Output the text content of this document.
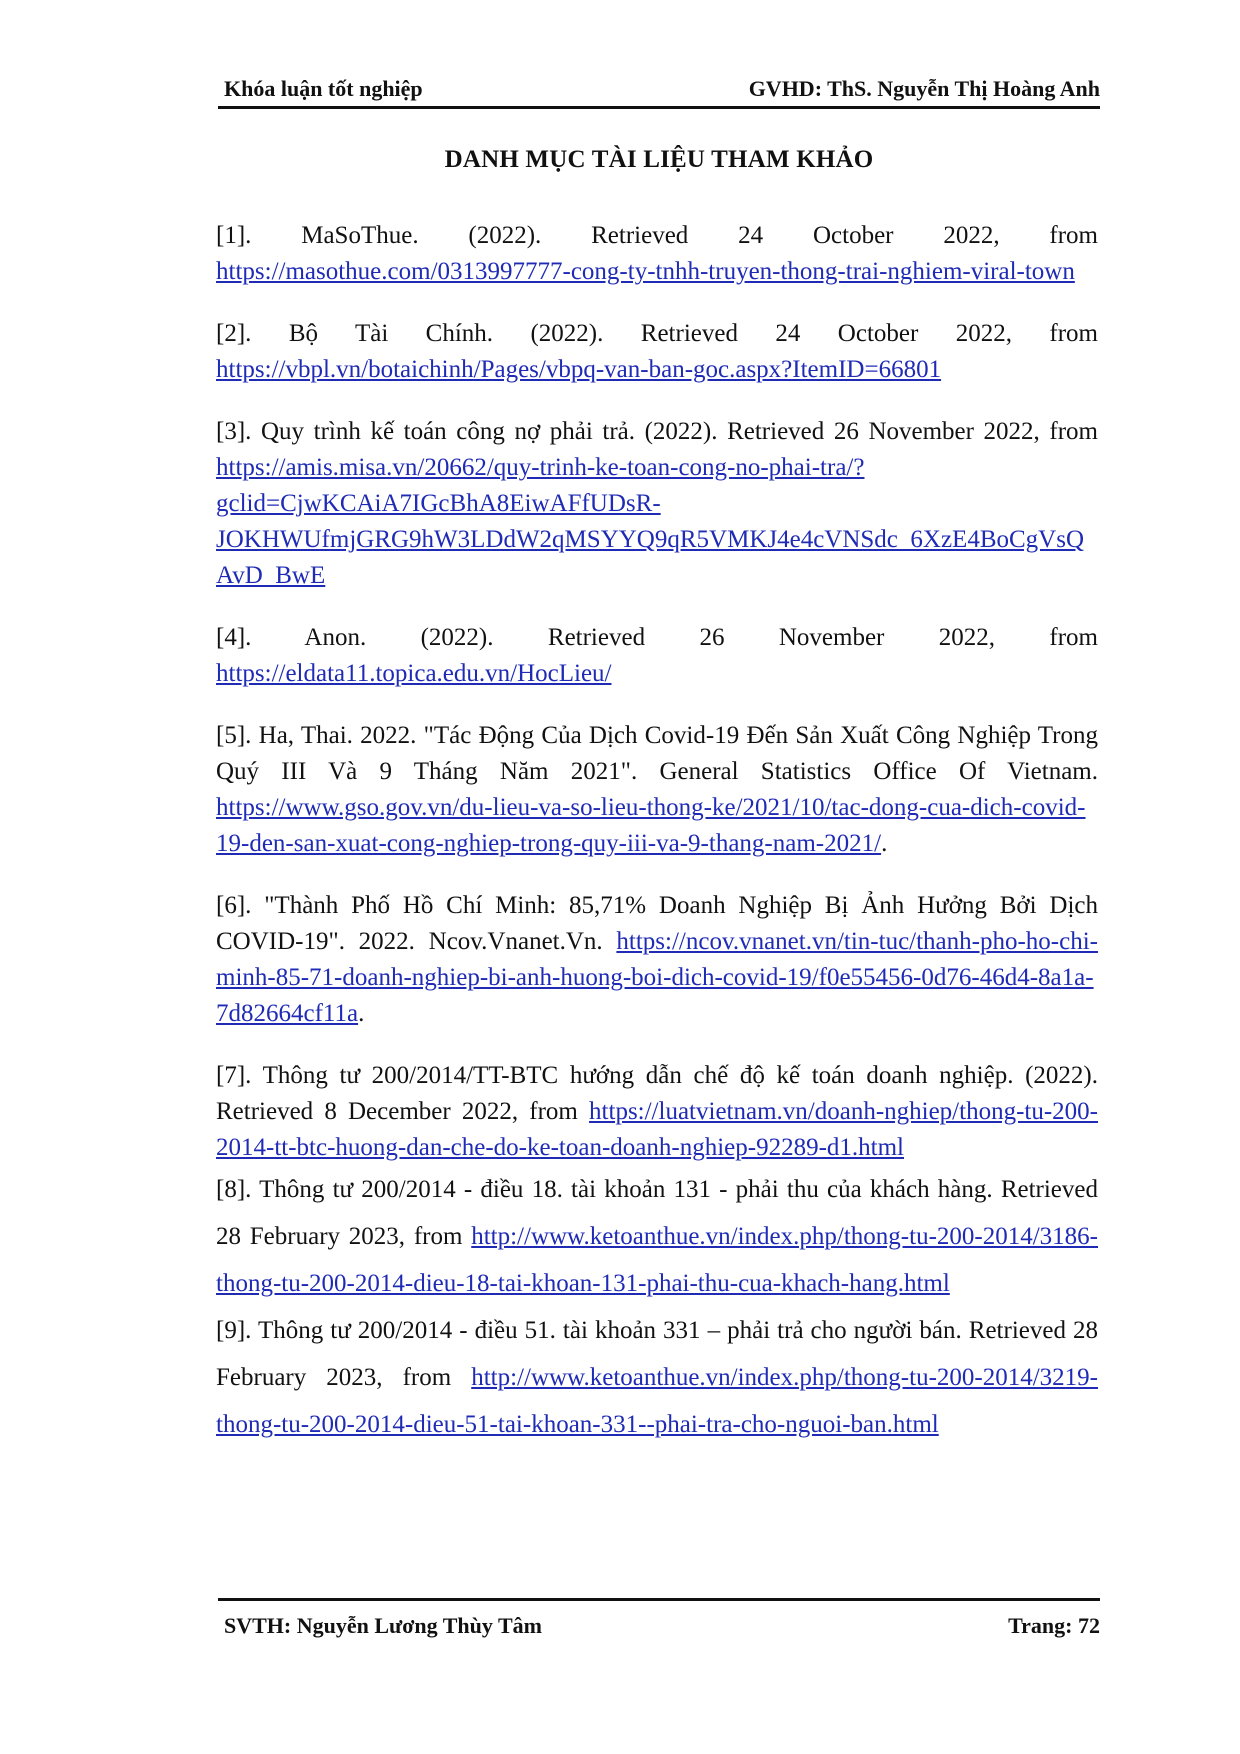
Khóa luận tốt nghiệp	GVHD: ThS. Nguyễn Thị Hoàng Anh
DANH MỤC TÀI LIỆU THAM KHẢO

[1]. MaSoThue. (2022). Retrieved 24 October 2022, from https://masothue.com/0313997777-cong-ty-tnhh-truyen-thong-trai-nghiem-viral-town

[2]. Bộ Tài Chính. (2022). Retrieved 24 October 2022, from https://vbpl.vn/botaichinh/Pages/vbpq-van-ban-goc.aspx?ItemID=66801

[3]. Quy trình kế toán công nợ phải trả. (2022). Retrieved 26 November 2022, from https://amis.misa.vn/20662/quy-trinh-ke-toan-cong-no-phai-tra/?gclid=CjwKCAiA7IGcBhA8EiwAFfUDsR-JOKHWUfmjGRG9hW3LDdW2qMSYYQ9qR5VMKJ4e4cVNSdc_6XzE4BoCgVsQAvD_BwE

[4]. Anon. (2022). Retrieved 26 November 2022, from https://eldata11.topica.edu.vn/HocLieu/

[5]. Ha, Thai. 2022. "Tác Động Của Dịch Covid-19 Đến Sản Xuất Công Nghiệp Trong Quý III Và 9 Tháng Năm 2021". General Statistics Office Of Vietnam. https://www.gso.gov.vn/du-lieu-va-so-lieu-thong-ke/2021/10/tac-dong-cua-dich-covid-19-den-san-xuat-cong-nghiep-trong-quy-iii-va-9-thang-nam-2021/.

[6]. "Thành Phố Hồ Chí Minh: 85,71% Doanh Nghiệp Bị Ảnh Hưởng Bởi Dịch COVID-19". 2022. Ncov.Vnanet.Vn. https://ncov.vnanet.vn/tin-tuc/thanh-pho-ho-chi-minh-85-71-doanh-nghiep-bi-anh-huong-boi-dich-covid-19/f0e55456-0d76-46d4-8a1a-7d82664cf11a.

[7]. Thông tư 200/2014/TT-BTC hướng dẫn chế độ kế toán doanh nghiệp. (2022). Retrieved 8 December 2022, from https://luatvietnam.vn/doanh-nghiep/thong-tu-200-2014-tt-btc-huong-dan-che-do-ke-toan-doanh-nghiep-92289-d1.html

[8]. Thông tư 200/2014 - điều 18. tài khoản 131 - phải thu của khách hàng. Retrieved 28 February 2023, from http://www.ketoanthue.vn/index.php/thong-tu-200-2014/3186-thong-tu-200-2014-dieu-18-tai-khoan-131-phai-thu-cua-khach-hang.html

[9]. Thông tư 200/2014 - điều 51. tài khoản 331 – phải trả cho người bán. Retrieved 28 February 2023, from http://www.ketoanthue.vn/index.php/thong-tu-200-2014/3219-thong-tu-200-2014-dieu-51-tai-khoan-331--phai-tra-cho-nguoi-ban.html

SVTH: Nguyễn Lương Thùy Tâm	Trang: 72
